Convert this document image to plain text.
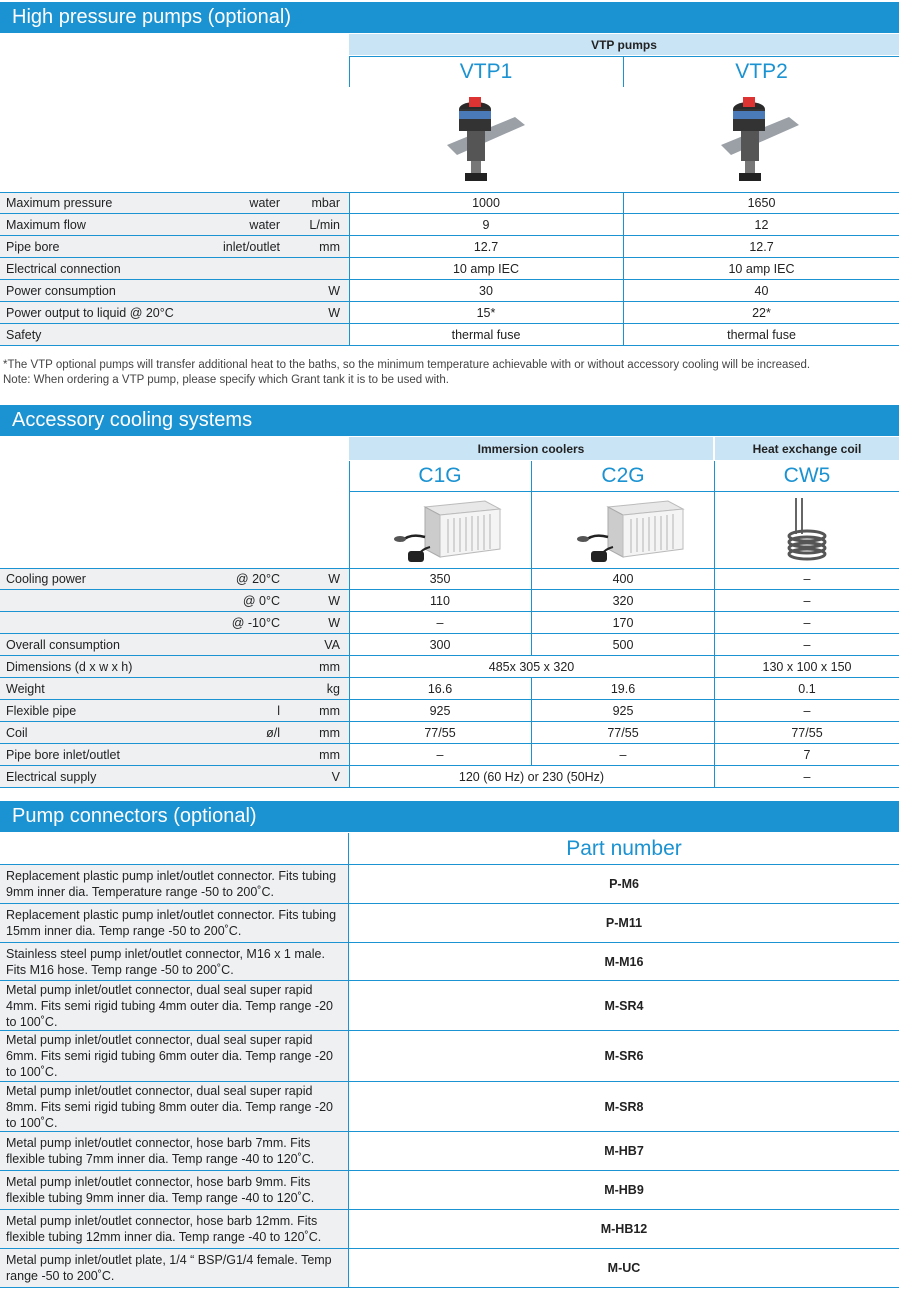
High pressure pumps (optional)
VTP pumps
VTP1	VTP2
Maximum pressure	water	mbar	1000	1650
Maximum flow	water	L/min	9	12
Pipe bore	inlet/outlet	mm	12.7	12.7
Electrical connection	10 amp IEC	10 amp IEC
Power consumption	W	30	40
Power output to liquid @ 20°C	W	15*	22*
Safety	thermal fuse	thermal fuse
*The VTP optional pumps will transfer additional heat to the baths, so the minimum temperature achievable with or without accessory cooling will be increased.
Note: When ordering a VTP pump, please specify which Grant tank it is to be used with.
Accessory cooling systems
Immersion coolers	Heat exchange coil
C1G	C2G	CW5
Cooling power	@ 20°C	W	350	400	–
@ 0°C	W	110	320	–
@ -10°C	W	–	170	–
Overall consumption	VA	300	500	–
Dimensions (d x w x h)	mm	485x 305 x 320	130 x 100 x 150
Weight	kg	16.6	19.6	0.1
Flexible pipe	l	mm	925	925	–
Coil	ø/l	mm	77/55	77/55	77/55
Pipe bore inlet/outlet	mm	–	–	7
Electrical supply	V	120 (60 Hz) or 230 (50Hz)	–
Pump connectors (optional)
Part number
Replacement plastic pump inlet/outlet connector. Fits tubing 9mm inner dia. Temperature range -50 to 200˚C.
P-M6
Replacement plastic pump inlet/outlet connector. Fits tubing 15mm inner dia. Temp range -50 to 200˚C.
P-M11
Stainless steel pump inlet/outlet connector, M16 x 1 male. Fits M16 hose. Temp range -50 to 200˚C.
M-M16
Metal pump inlet/outlet connector, dual seal super rapid 4mm. Fits semi rigid tubing 4mm outer dia. Temp range -20 to 100˚C.
M-SR4
Metal pump inlet/outlet connector, dual seal super rapid 6mm. Fits semi rigid tubing 6mm outer dia. Temp range -20 to 100˚C.
M-SR6
Metal pump inlet/outlet connector, dual seal super rapid 8mm. Fits semi rigid tubing 8mm outer dia. Temp range -20 to 100˚C.
M-SR8
Metal pump inlet/outlet connector, hose barb 7mm. Fits flexible tubing 7mm inner dia. Temp range -40 to 120˚C.
M-HB7
Metal pump inlet/outlet connector, hose barb 9mm. Fits flexible tubing 9mm inner dia. Temp range -40 to 120˚C.
M-HB9
Metal pump inlet/outlet connector, hose barb 12mm. Fits flexible tubing 12mm inner dia. Temp range -40 to 120˚C.
M-HB12
Metal pump inlet/outlet plate, 1/4 “ BSP/G1/4 female. Temp range -50 to 200˚C.
M-UC
